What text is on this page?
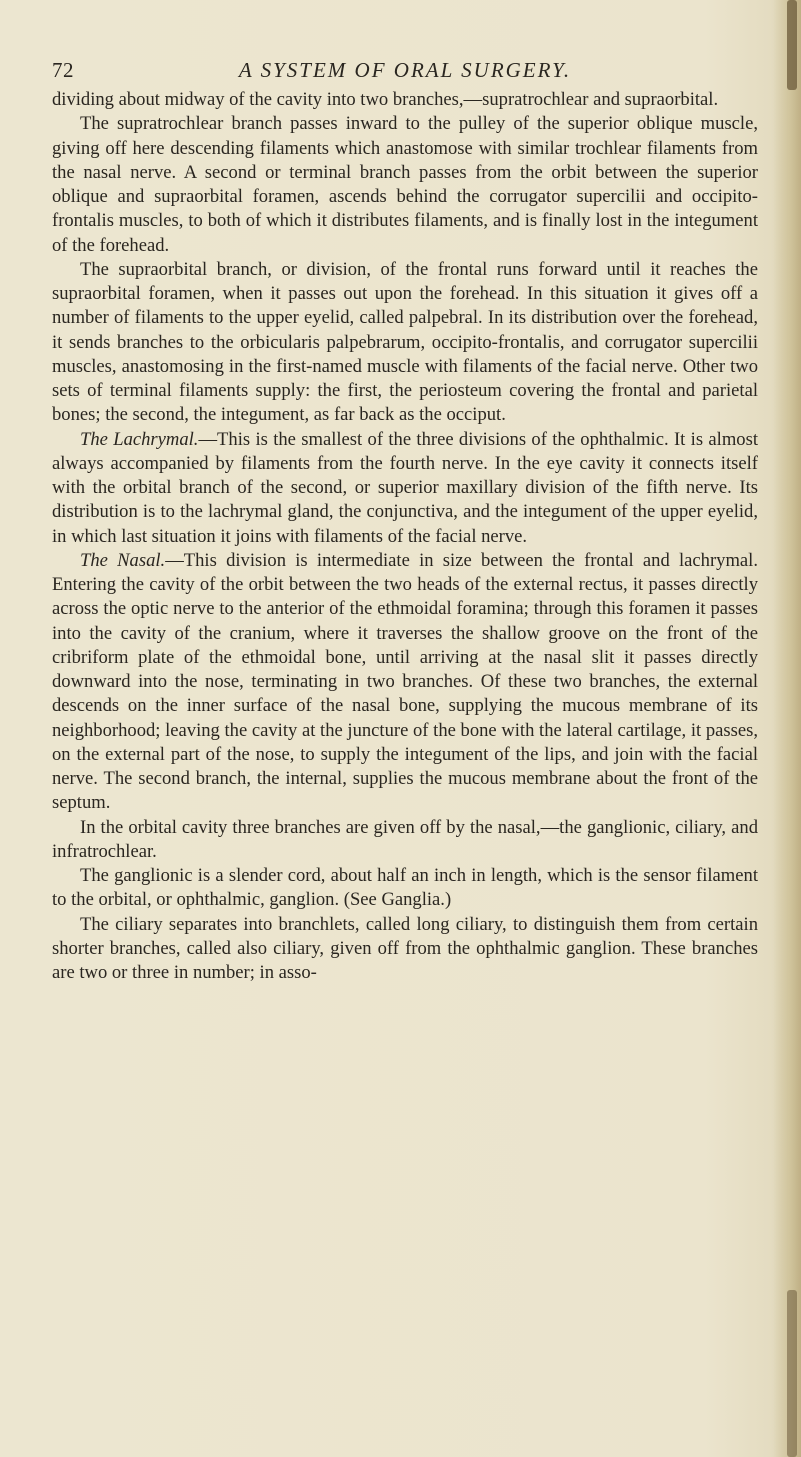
72	A SYSTEM OF ORAL SURGERY.

dividing about midway of the cavity into two branches,—supratrochlear and supraorbital.

The supratrochlear branch passes inward to the pulley of the superior oblique muscle, giving off here descending filaments which anastomose with similar trochlear filaments from the nasal nerve. A second or terminal branch passes from the orbit between the superior oblique and supraorbital foramen, ascends behind the corrugator supercilii and occipito-frontalis muscles, to both of which it distributes filaments, and is finally lost in the integument of the forehead.

The supraorbital branch, or division, of the frontal runs forward until it reaches the supraorbital foramen, when it passes out upon the forehead. In this situation it gives off a number of filaments to the upper eyelid, called palpebral. In its distribution over the forehead, it sends branches to the orbicularis palpebrarum, occipito-frontalis, and corrugator supercilii muscles, anastomosing in the first-named muscle with filaments of the facial nerve. Other two sets of terminal filaments supply: the first, the periosteum covering the frontal and parietal bones; the second, the integument, as far back as the occiput.

The Lachrymal.—This is the smallest of the three divisions of the ophthalmic. It is almost always accompanied by filaments from the fourth nerve. In the eye cavity it connects itself with the orbital branch of the second, or superior maxillary division of the fifth nerve. Its distribution is to the lachrymal gland, the conjunctiva, and the integument of the upper eyelid, in which last situation it joins with filaments of the facial nerve.

The Nasal.—This division is intermediate in size between the frontal and lachrymal. Entering the cavity of the orbit between the two heads of the external rectus, it passes directly across the optic nerve to the anterior of the ethmoidal foramina; through this foramen it passes into the cavity of the cranium, where it traverses the shallow groove on the front of the cribriform plate of the ethmoidal bone, until arriving at the nasal slit it passes directly downward into the nose, terminating in two branches. Of these two branches, the external descends on the inner surface of the nasal bone, supplying the mucous membrane of its neighborhood; leaving the cavity at the juncture of the bone with the lateral cartilage, it passes, on the external part of the nose, to supply the integument of the lips, and join with the facial nerve. The second branch, the internal, supplies the mucous membrane about the front of the septum.

In the orbital cavity three branches are given off by the nasal,—the ganglionic, ciliary, and infratrochlear.

The ganglionic is a slender cord, about half an inch in length, which is the sensor filament to the orbital, or ophthalmic, ganglion. (See Ganglia.)

The ciliary separates into branchlets, called long ciliary, to distinguish them from certain shorter branches, called also ciliary, given off from the ophthalmic ganglion. These branches are two or three in number; in asso-
